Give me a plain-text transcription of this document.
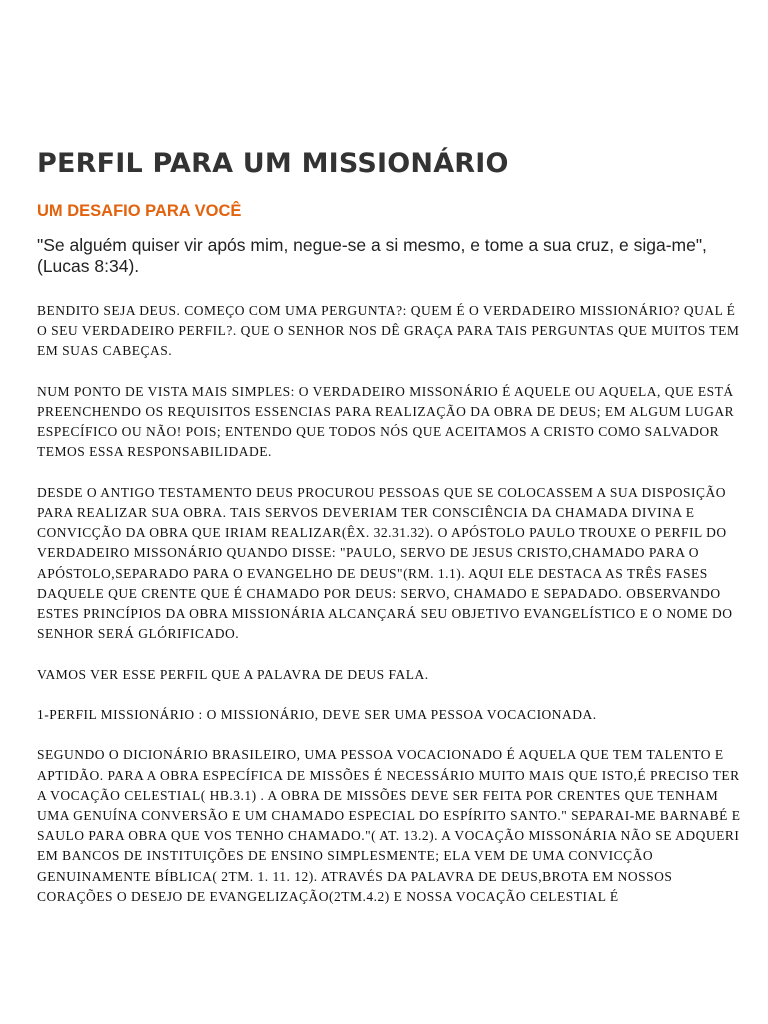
PERFIL PARA UM MISSIONÁRIO
UM DESAFIO PARA VOCÊ

"Se alguém quiser vir após mim, negue-se a si mesmo, e tome a sua cruz, e siga-me", (Lucas 8:34).

BENDITO SEJA DEUS. COMEÇO COM UMA PERGUNTA?: QUEM É O VERDADEIRO MISSIONÁRIO? QUAL É O SEU VERDADEIRO PERFIL?. QUE O SENHOR NOS DÊ GRAÇA PARA TAIS PERGUNTAS QUE MUITOS TEM EM SUAS CABEÇAS.

NUM PONTO DE VISTA MAIS SIMPLES: O VERDADEIRO MISSONÁRIO É AQUELE OU AQUELA, QUE ESTÁ PREENCHENDO OS REQUISITOS ESSENCIAS PARA REALIZAÇÃO DA OBRA DE DEUS; EM ALGUM LUGAR ESPECÍFICO OU NÃO! POIS; ENTENDO QUE TODOS NÓS QUE ACEITAMOS A CRISTO COMO SALVADOR TEMOS ESSA RESPONSABILIDADE.

DESDE O ANTIGO TESTAMENTO DEUS PROCUROU PESSOAS QUE SE COLOCASSEM A SUA DISPOSIÇÃO PARA REALIZAR SUA OBRA. TAIS SERVOS DEVERIAM TER CONSCIÊNCIA DA CHAMADA DIVINA E CONVICÇÃO DA OBRA QUE IRIAM REALIZAR(ÊX. 32.31.32). O APÓSTOLO PAULO TROUXE O PERFIL DO VERDADEIRO MISSONÁRIO QUANDO DISSE: "PAULO, SERVO DE JESUS CRISTO,CHAMADO PARA O APÓSTOLO,SEPARADO PARA O EVANGELHO DE DEUS"(RM. 1.1). AQUI ELE DESTACA AS TRÊS FASES DAQUELE QUE CRENTE QUE É CHAMADO POR DEUS: SERVO, CHAMADO E SEPADADO. OBSERVANDO ESTES PRINCÍPIOS DA OBRA MISSIONÁRIA ALCANÇARÁ SEU OBJETIVO EVANGELÍSTICO E O NOME DO SENHOR SERÁ GLÓRIFICADO.

VAMOS VER ESSE PERFIL QUE A PALAVRA DE DEUS FALA.

1-PERFIL MISSIONÁRIO : O MISSIONÁRIO, DEVE SER UMA PESSOA VOCACIONADA.

SEGUNDO O DICIONÁRIO BRASILEIRO, UMA PESSOA VOCACIONADO É AQUELA QUE TEM TALENTO E APTIDÃO. PARA A OBRA ESPECÍFICA DE MISSÕES É NECESSÁRIO MUITO MAIS QUE ISTO,É PRECISO TER A VOCAÇÃO CELESTIAL( HB.3.1) . A OBRA DE MISSÕES DEVE SER FEITA POR CRENTES QUE TENHAM UMA GENUÍNA CONVERSÃO E UM CHAMADO ESPECIAL DO ESPÍRITO SANTO." SEPARAI-ME BARNABÉ E SAULO PARA OBRA QUE VOS TENHO CHAMADO."( AT. 13.2). A VOCAÇÃO MISSONÁRIA NÃO SE ADQUERI EM BANCOS DE INSTITUIÇÕES DE ENSINO SIMPLESMENTE; ELA VEM DE UMA CONVICÇÃO GENUINAMENTE BÍBLICA( 2TM. 1. 11. 12). ATRAVÉS DA PALAVRA DE DEUS,BROTA EM NOSSOS CORAÇÕES O DESEJO DE EVANGELIZAÇÃO(2TM.4.2) E NOSSA VOCAÇÃO CELESTIAL É
